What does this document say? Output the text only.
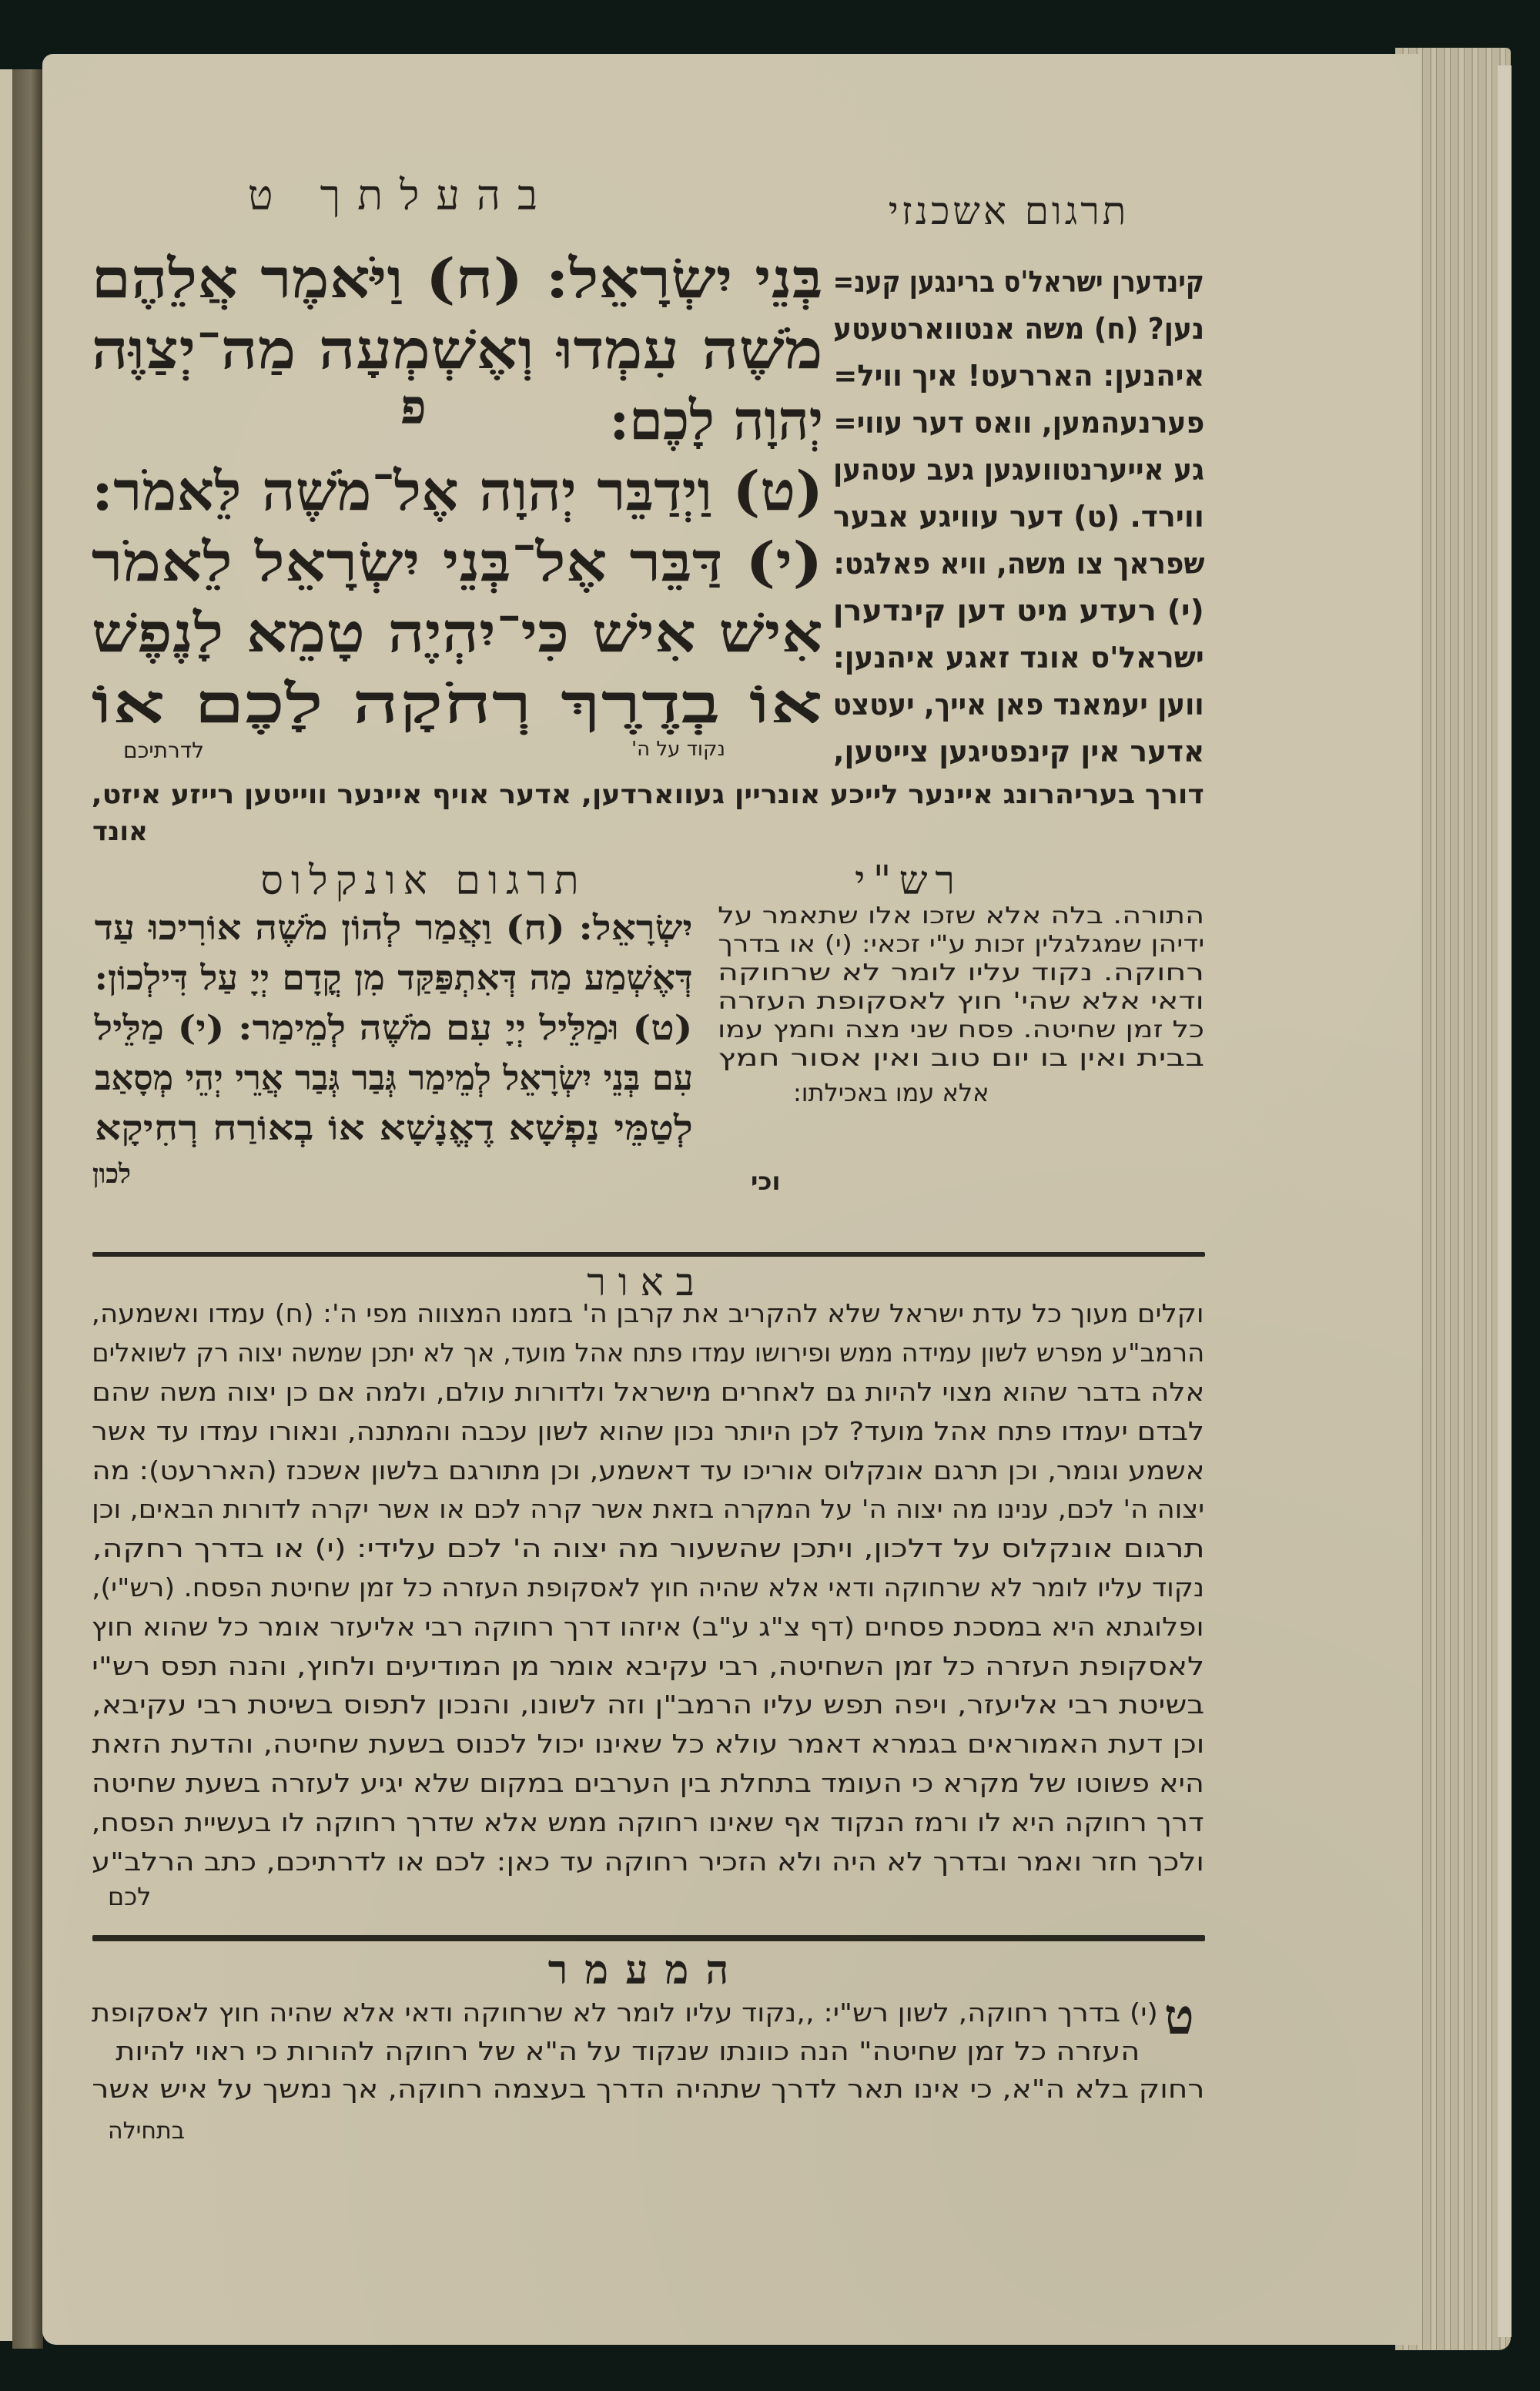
בהעלתך ט	תרגום אשכנזי
בְּנֵי יִשְׂרָאֵל: (ח) וַיֹּאמֶר אֲלֵהֶם
מֹשֶׁה עִמְדוּ וְאֶשְׁמְעָה מַה־יְצַוֶּה
יְהוָה לָכֶם:
(ט) וַיְדַבֵּר יְהוָה אֶל־מֹשֶׁה לֵּאמֹר:
(י) דַּבֵּר אֶל־בְּנֵי יִשְׂרָאֵל לֵאמֹר
אִישׁ אִישׁ כִּי־יִהְיֶה טָמֵא לָנֶפֶשׁ
אוֹ בְדֶרֶךְ רְחֹקָה לָכֶם אוֹ
פ
נקוד על ה'
לדרתיכם
קינדערן ישראל'ס ברינגען קענ=
נען? (ח) משה אנטווארטעטע
איהנען: האררעט! איך וויל=
פערנעהמען, וואס דער עווי=
גע אייערנטוועגען געב עטהען
ווירד. (ט) דער עוויגע אבער
שפראך צו משה, וויא פאלגט:
(י) רעדע מיט דען קינדערן
ישראל'ס אונד זאגע איהנען:
ווען יעמאנד פאן אייך, יעטצט
אדער אין קינפטיגען צייטען,
דורך בעריהרונג איינער לייכע אונריין געווארדען, אדער אויף איינער ווייטען רייזע איזט,
אונד
רש"י
תרגום אונקלוס
יִשְׂרָאֵל: (ח) וַאֲמַר לְהוֹן מֹשֶׁה אוֹרִיכוּ עַד
דְּאֶשְׁמַע מַה דְּאִתְפַּקַּד מִן קֳדָם יְיָ עַל דִּילְכוֹן:
(ט) וּמַלֵּיל יְיָ עִם מֹשֶׁה לְמֵימַר: (י) מַלֵּיל
עִם בְּנֵי יִשְׂרָאֵל לְמֵימַר גְּבַר גְּבַר אֲרֵי יְהֵי מְסָאַב
לְטַמֵּי נַפְשָׁא דֶאֱנָשָׁא אוֹ בְאוֹרַח רְחִיקָא
לכון
התורה. בלה אלא שזכו אלו שתאמר על
ידיהן שמגלגלין זכות ע"י זכאי: (י) או בדרך
רחוקה. נקוד עליו לומר לא שרחוקה
ודאי אלא שהי' חוץ לאסקופת העזרה
כל זמן שחיטה. פסח שני מצה וחמץ עמו
בבית ואין בו יום טוב ואין אסור חמץ
אלא עמו באכילתו:
וכי
באור
וקלים מעוך כל עדת ישראל שלא להקריב את קרבן ה' בזמנו המצווה מפי ה': (ח) עמדו ואשמעה,
הרמב"ע מפרש לשון עמידה ממש ופירושו עמדו פתח אהל מועד, אך לא יתכן שמשה יצוה רק לשואלים
אלה בדבר שהוא מצוי להיות גם לאחרים מישראל ולדורות עולם, ולמה אם כן יצוה משה שהם
לבדם יעמדו פתח אהל מועד? לכן היותר נכון שהוא לשון עכבה והמתנה, ונאורו עמדו עד אשר
אשמע וגומר, וכן תרגם אונקלוס אוריכו עד דאשמע, וכן מתורגם בלשון אשכנז (האררעט): מה
יצוה ה' לכם, ענינו מה יצוה ה' על המקרה בזאת אשר קרה לכם או אשר יקרה לדורות הבאים, וכן
תרגום אונקלוס על דלכון, ויתכן שהשעור מה יצוה ה' לכם עלידי: (י) או בדרך רחקה,
נקוד עליו לומר לא שרחוקה ודאי אלא שהיה חוץ לאסקופת העזרה כל זמן שחיטת הפסח. (רש"י),
ופלוגתא היא במסכת פסחים (דף צ"ג ע"ב) איזהו דרך רחוקה רבי אליעזר אומר כל שהוא חוץ
לאסקופת העזרה כל זמן השחיטה, רבי עקיבא אומר מן המודיעים ולחוץ, והנה תפס רש"י
בשיטת רבי אליעזר, ויפה תפש עליו הרמב"ן וזה לשונו, והנכון לתפוס בשיטת רבי עקיבא,
וכן דעת האמוראים בגמרא דאמר עולא כל שאינו יכול לכנוס בשעת שחיטה, והדעת הזאת
היא פשוטו של מקרא כי העומד בתחלת בין הערבים במקום שלא יגיע לעזרה בשעת שחיטה
דרך רחוקה היא לו ורמז הנקוד אף שאינו רחוקה ממש אלא שדרך רחוקה לו בעשיית הפסח,
ולכך חזר ואמר ובדרך לא היה ולא הזכיר רחוקה עד כאן: לכם או לדרתיכם, כתב הרלב"ע
לכם
המעמר
ט
(י) בדרך רחוקה, לשון רש"י: ,,נקוד עליו לומר לא שרחוקה ודאי אלא שהיה חוץ לאסקופת
העזרה כל זמן שחיטה" הנה כוונתו שנקוד על ה"א של רחוקה להורות כי ראוי להיות
רחוק בלא ה"א, כי אינו תאר לדרך שתהיה הדרך בעצמה רחוקה, אך נמשך על איש אשר
בתחילה
